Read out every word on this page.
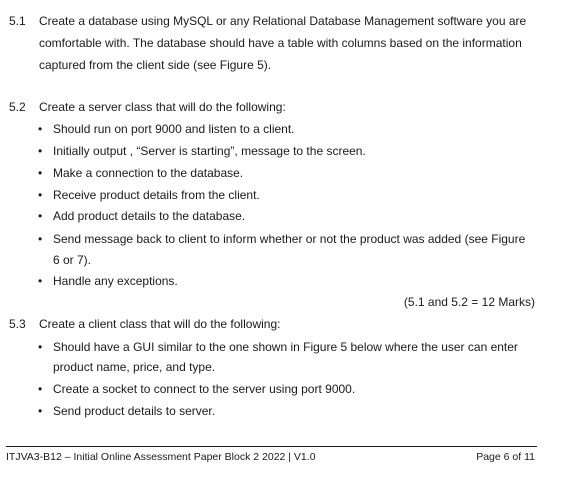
5.1 Create a database using MySQL or any Relational Database Management software you are
comfortable with. The database should have a table with columns based on the information
captured from the client side (see Figure 5).
5.2 Create a server class that will do the following:
• Should run on port 9000 and listen to a client.
• Initially output , “Server is starting”, message to the screen.
• Make a connection to the database.
• Receive product details from the client.
• Add product details to the database.
• Send message back to client to inform whether or not the product was added (see Figure
6 or 7).
• Handle any exceptions.
(5.1 and 5.2 = 12 Marks)
5.3 Create a client class that will do the following:
• Should have a GUI similar to the one shown in Figure 5 below where the user can enter
product name, price, and type.
• Create a socket to connect to the server using port 9000.
• Send product details to server.
ITJVA3-B12 – Initial Online Assessment Paper Block 2 2022 | V1.0	Page 6 of 11
